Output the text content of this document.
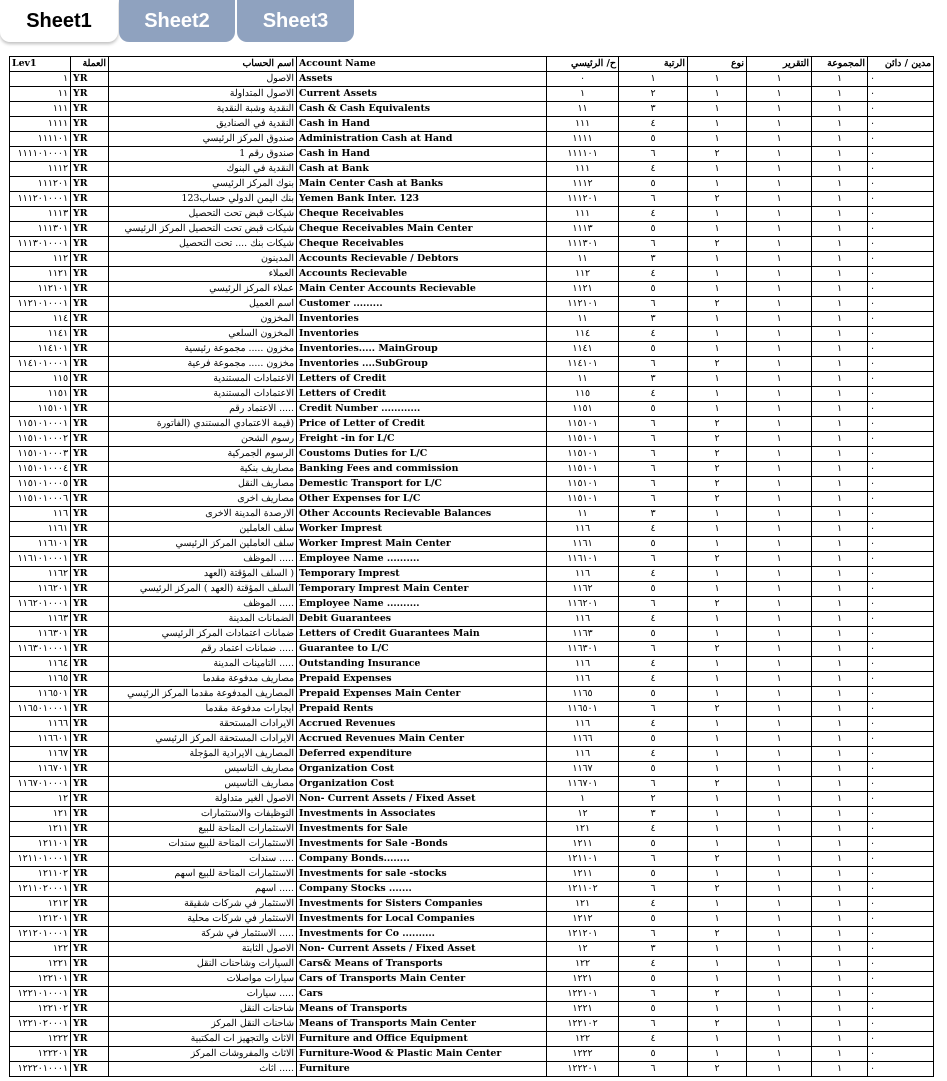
Sheet1	Sheet2	Sheet3
Lev1	العملة	اسم الحساب	Account Name	ح/ الرئيسي	الرتبة	نوع	التقرير	المجموعة	مدين / دائن
١	YR	الاصول	Assets	٠	١	١	١	١	٠
١١	YR	الاصول المتداولة	Current Assets	١	٢	١	١	١	٠
١١١	YR	النقدية وشبة النقدية	Cash & Cash Equivalents	١١	٣	١	١	١	٠
١١١١	YR	النقدية في الصناديق	Cash in Hand	١١١	٤	١	١	١	٠
١١١١٠١	YR	صندوق المركز الرئيسي	Administration Cash at Hand	١١١١	٥	١	١	١	٠
١١١١٠١٠٠٠١	YR	صندوق رقم 1	Cash in Hand	١١١١٠١	٦	٢	١	١	٠
١١١٢	YR	النقدية في البنوك	Cash at Bank	١١١	٤	١	١	١	٠
١١١٢٠١	YR	بنوك المركز الرئيسي	Main Center Cash at Banks	١١١٢	٥	١	١	١	٠
١١١٢٠١٠٠٠١	YR	بنك اليمن الدولي حساب123	Yemen Bank Inter. 123	١١١٢٠١	٦	٢	١	١	٠
١١١٣	YR	شيكات قبض تحت التحصيل	Cheque Receivables	١١١	٤	١	١	١	٠
١١١٣٠١	YR	شيكات قبض تحت التحصيل المركز الرئيسي	Cheque Receivables Main Center	١١١٣	٥	١	١	١	٠
١١١٣٠١٠٠٠١	YR	شيكات بنك .... تحت التحصيل	Cheque Receivables	١١١٣٠١	٦	٢	١	١	٠
١١٢	YR	المدينون	Accounts Recievable / Debtors	١١	٣	١	١	١	٠
١١٢١	YR	العملاء	Accounts Recievable	١١٢	٤	١	١	١	٠
١١٢١٠١	YR	عملاء المركز الرئيسي	Main Center Accounts Recievable	١١٢١	٥	١	١	١	٠
١١٢١٠١٠٠٠١	YR	اسم العميل	Customer .........	١١٢١٠١	٦	٢	١	١	٠
١١٤	YR	المخزون	Inventories	١١	٣	١	١	١	٠
١١٤١	YR	المخزون السلعي	Inventories	١١٤	٤	١	١	١	٠
١١٤١٠١	YR	مخزون ..... مجموعة رئيسية	Inventories..... MainGroup	١١٤١	٥	١	١	١	٠
١١٤١٠١٠٠٠١	YR	مخزون ..... مجموعة فرعية	Inventories ....SubGroup	١١٤١٠١	٦	٢	١	١	٠
١١٥	YR	الاعتمادات المستندية	Letters of Credit	١١	٣	١	١	١	٠
١١٥١	YR	الاعتمادات المستندية	Letters of Credit	١١٥	٤	١	١	١	٠
١١٥١٠١	YR	..... الاعتماد رقم	Credit Number ............	١١٥١	٥	١	١	١	٠
١١٥١٠١٠٠٠١	YR	(قيمة الاعتمادي المستندي (الفاتورة	Price of Letter of Credit	١١٥١٠١	٦	٢	١	١	٠
١١٥١٠١٠٠٠٢	YR	رسوم الشحن	Freight -in for L/C	١١٥١٠١	٦	٢	١	١	٠
١١٥١٠١٠٠٠٣	YR	الرسوم الجمركية	Coustoms Duties for L/C	١١٥١٠١	٦	٢	١	١	٠
١١٥١٠١٠٠٠٤	YR	مصاريف بنكية	Banking Fees and commission	١١٥١٠١	٦	٢	١	١	٠
١١٥١٠١٠٠٠٥	YR	مصاريف النقل	Demestic Transport for L/C	١١٥١٠١	٦	٢	١	١	٠
١١٥١٠١٠٠٠٦	YR	مصاريف اخرى	Other Expenses for L/C	١١٥١٠١	٦	٢	١	١	٠
١١٦	YR	الارصدة المدينة الاخرى	Other Accounts Recievable Balances	١١	٣	١	١	١	٠
١١٦١	YR	سلف العاملين	Worker Imprest	١١٦	٤	١	١	١	٠
١١٦١٠١	YR	سلف العاملين المركز الرئيسي	Worker Imprest Main Center	١١٦١	٥	١	١	١	٠
١١٦١٠١٠٠٠١	YR	..... الموظف	Employee Name ..........	١١٦١٠١	٦	٢	١	١	٠
١١٦٢	YR	( السلف المؤقتة (العهد	Temporary Imprest	١١٦	٤	١	١	١	٠
١١٦٢٠١	YR	السلف المؤقتة (العهد ) المركز الرئيسي	Temporary Imprest Main Center	١١٦٢	٥	١	١	١	٠
١١٦٢٠١٠٠٠١	YR	..... الموظف	Employee Name ..........	١١٦٢٠١	٦	٢	١	١	٠
١١٦٣	YR	الضمانات المدينة	Debit Guarantees	١١٦	٤	١	١	١	٠
١١٦٣٠١	YR	ضمانات اعتمادات المركز الرئيسي	Letters of Credit Guarantees Main	١١٦٣	٥	١	١	١	٠
١١٦٣٠١٠٠٠١	YR	..... ضمانات اعتماد رقم	Guarantee to L/C	١١٦٣٠١	٦	٢	١	١	٠
١١٦٤	YR	..... التامينات المدينة	Outstanding Insurance	١١٦	٤	١	١	١	٠
١١٦٥	YR	مصاريف مدفوعة مقدما	Prepaid Expenses	١١٦	٤	١	١	١	٠
١١٦٥٠١	YR	المصاريف المدفوعة مقدما المركز الرئيسي	Prepaid Expenses Main Center	١١٦٥	٥	١	١	١	٠
١١٦٥٠١٠٠٠١	YR	ايجارات مدفوعة مقدما	Prepaid Rents	١١٦٥٠١	٦	٢	١	١	٠
١١٦٦	YR	الايرادات المستحقة	Accrued Revenues	١١٦	٤	١	١	١	٠
١١٦٦٠١	YR	الايرادات المستحقة المركز الرئيسي	Accrued Revenues Main Center	١١٦٦	٥	١	١	١	٠
١١٦٧	YR	المصاريف الايرادية المؤجلة	Deferred expenditure	١١٦	٤	١	١	١	٠
١١٦٧٠١	YR	مصاريف التاسيس	Organization Cost	١١٦٧	٥	١	١	١	٠
١١٦٧٠١٠٠٠١	YR	مصاريف التاسيس	Organization Cost	١١٦٧٠١	٦	٢	١	١	٠
١٢	YR	الاصول الغير متداولة	Non- Current Assets / Fixed Asset	١	٢	١	١	١	٠
١٢١	YR	التوظيفات والاستثمارات	Investments in Associates	١٢	٣	١	١	١	٠
١٢١١	YR	الاستثمارات المتاحة للبيع	Investments for Sale	١٢١	٤	١	١	١	٠
١٢١١٠١	YR	الاستثمارات المتاحة للبيع سندات	Investments for Sale -Bonds	١٢١١	٥	١	١	١	٠
١٢١١٠١٠٠٠١	YR	..... سندات	Company Bonds........	١٢١١٠١	٦	٢	١	١	٠
١٢١١٠٢	YR	الاستثمارات المتاحة للبيع اسهم	Investments for sale -stocks	١٢١١	٥	١	١	١	٠
١٢١١٠٢٠٠٠١	YR	..... اسهم	Company Stocks .......	١٢١١٠٢	٦	٢	١	١	٠
١٢١٢	YR	الاستثمار في شركات شقيقة	Investments for Sisters Companies	١٢١	٤	١	١	١	٠
١٢١٢٠١	YR	الاستثمار في شركات محلية	Investments for Local Companies	١٢١٢	٥	١	١	١	٠
١٢١٢٠١٠٠٠١	YR	..... الاستثمار في شركة	Investments for Co ..........	١٢١٢٠١	٦	٢	١	١	٠
١٢٢	YR	الاصول الثابتة	Non- Current Assets / Fixed Asset	١٢	٣	١	١	١	٠
١٢٢١	YR	السيارات وشاحنات النقل	Cars& Means of Transports	١٢٢	٤	١	١	١	٠
١٢٢١٠١	YR	سيارات مواصلات	Cars of Transports Main Center	١٢٢١	٥	١	١	١	٠
١٢٢١٠١٠٠٠١	YR	..... سيارات	Cars	١٢٢١٠١	٦	٢	١	١	٠
١٢٢١٠٢	YR	شاحنات النقل	Means of Transports	١٢٢١	٥	١	١	١	٠
١٢٢١٠٢٠٠٠١	YR	شاحنات النقل المركز	Means of Transports Main Center	١٢٢١٠٢	٦	٢	١	١	٠
١٢٢٢	YR	الاثاث والتجهيز ات المكتبية	Furniture and Office Equipment	١٢٢	٤	١	١	١	٠
١٢٢٢٠١	YR	الاثاث والمفروشات المركز	Furniture-Wood & Plastic Main Center	١٢٢٢	٥	١	١	١	٠
١٢٢٢٠١٠٠٠١	YR	..... اثاث	Furniture	١٢٢٢٠١	٦	٢	١	١	٠
